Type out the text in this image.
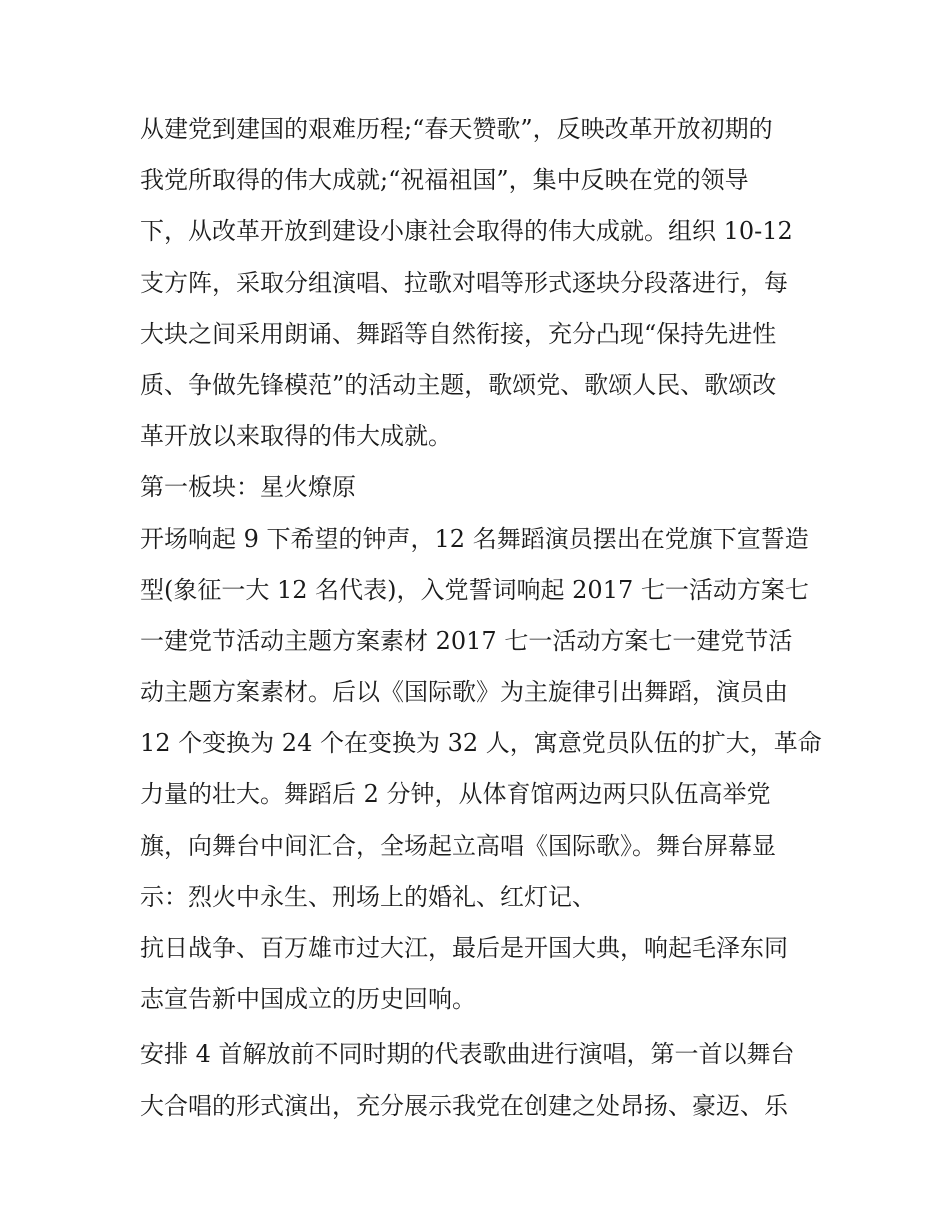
从建党到建国的艰难历程;“春天赞歌”，反映改革开放初期的
我党所取得的伟大成就;“祝福祖国”，集中反映在党的领导
下，从改革开放到建设小康社会取得的伟大成就。组织 10-12
支方阵，采取分组演唱、拉歌对唱等形式逐块分段落进行，每
大块之间采用朗诵、舞蹈等自然衔接，充分凸现“保持先进性
质、争做先锋模范”的活动主题，歌颂党、歌颂人民、歌颂改
革开放以来取得的伟大成就。
第一板块：星火燎原
开场响起 9 下希望的钟声，12 名舞蹈演员摆出在党旗下宣誓造
型(象征一大 12 名代表)，入党誓词响起 2017 七一活动方案七
一建党节活动主题方案素材 2017 七一活动方案七一建党节活
动主题方案素材。后以《国际歌》为主旋律引出舞蹈，演员由
12 个变换为 24 个在变换为 32 人，寓意党员队伍的扩大，革命
力量的壮大。舞蹈后 2 分钟，从体育馆两边两只队伍高举党
旗，向舞台中间汇合，全场起立高唱《国际歌》。舞台屏幕显
示：烈火中永生、刑场上的婚礼、红灯记、
抗日战争、百万雄市过大江，最后是开国大典，响起毛泽东同
志宣告新中国成立的历史回响。
安排 4 首解放前不同时期的代表歌曲进行演唱，第一首以舞台
大合唱的形式演出，充分展示我党在创建之处昂扬、豪迈、乐
